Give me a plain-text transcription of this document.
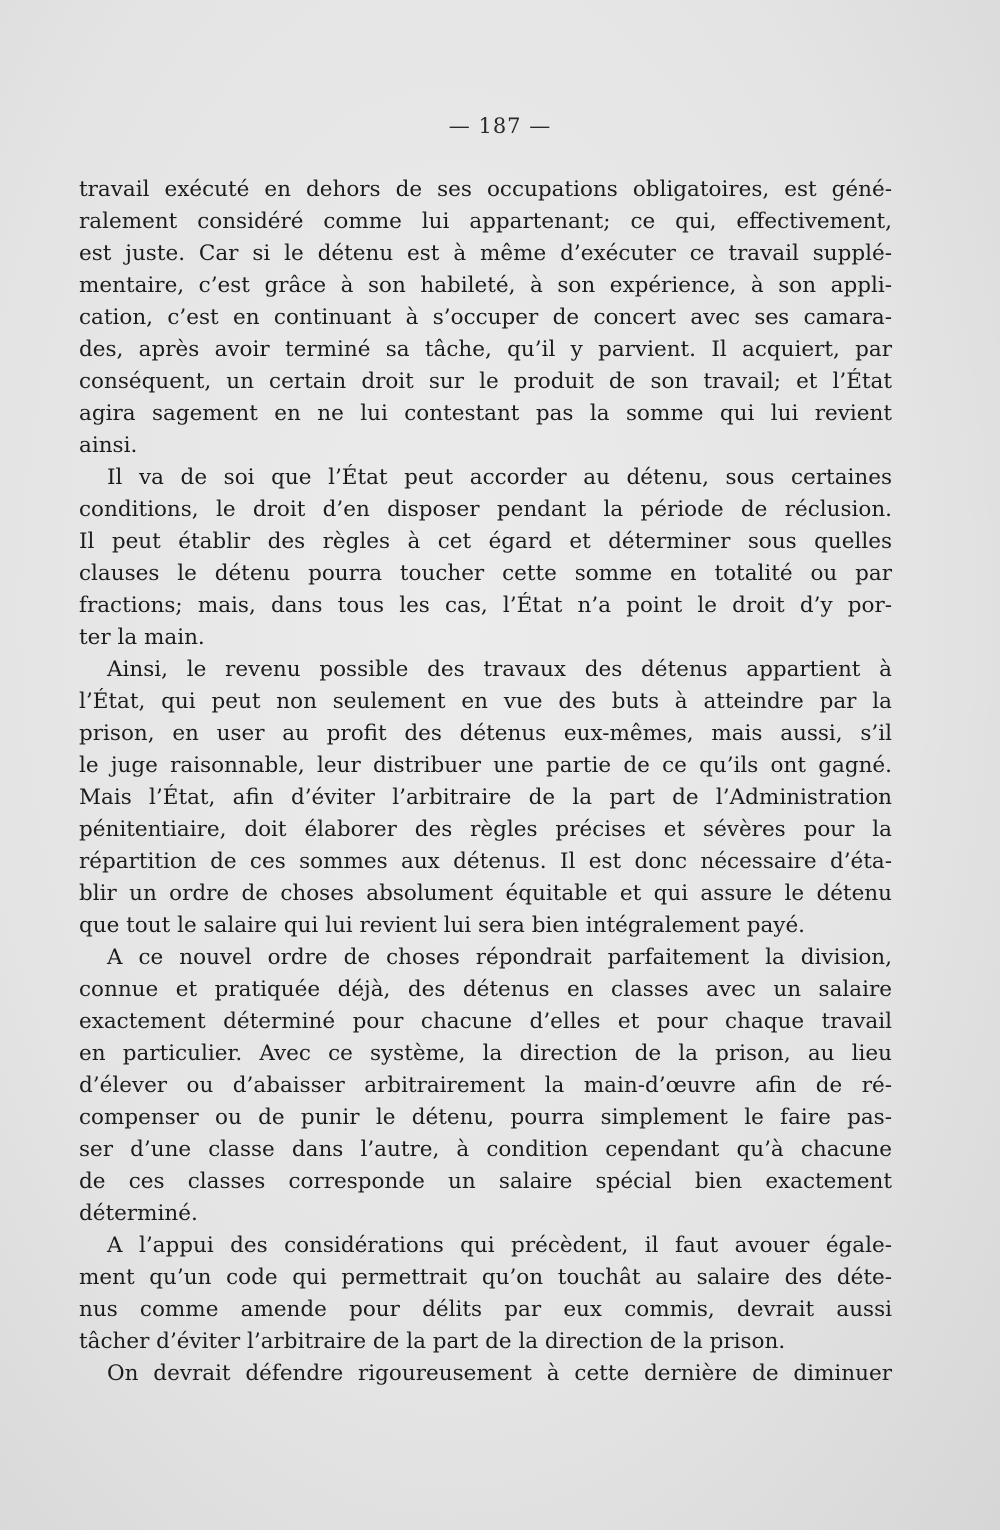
— 187 —
travail exécuté en dehors de ses occupations obligatoires, est géné-
ralement considéré comme lui appartenant; ce qui, effectivement,
est juste. Car si le détenu est à même d’exécuter ce travail supplé-
mentaire, c’est grâce à son habileté, à son expérience, à son appli-
cation, c’est en continuant à s’occuper de concert avec ses camara-
des, après avoir terminé sa tâche, qu’il y parvient. Il acquiert, par
conséquent, un certain droit sur le produit de son travail; et l’État
agira sagement en ne lui contestant pas la somme qui lui revient
ainsi.
Il va de soi que l’État peut accorder au détenu, sous certaines
conditions, le droit d’en disposer pendant la période de réclusion.
Il peut établir des règles à cet égard et déterminer sous quelles
clauses le détenu pourra toucher cette somme en totalité ou par
fractions; mais, dans tous les cas, l’État n’a point le droit d’y por-
ter la main.
Ainsi, le revenu possible des travaux des détenus appartient à
l’État, qui peut non seulement en vue des buts à atteindre par la
prison, en user au profit des détenus eux-mêmes, mais aussi, s’il
le juge raisonnable, leur distribuer une partie de ce qu’ils ont gagné.
Mais l’État, afin d’éviter l’arbitraire de la part de l’Administration
pénitentiaire, doit élaborer des règles précises et sévères pour la
répartition de ces sommes aux détenus. Il est donc nécessaire d’éta-
blir un ordre de choses absolument équitable et qui assure le détenu
que tout le salaire qui lui revient lui sera bien intégralement payé.
A ce nouvel ordre de choses répondrait parfaitement la division,
connue et pratiquée déjà, des détenus en classes avec un salaire
exactement déterminé pour chacune d’elles et pour chaque travail
en particulier. Avec ce système, la direction de la prison, au lieu
d’élever ou d’abaisser arbitrairement la main-d’œuvre afin de ré-
compenser ou de punir le détenu, pourra simplement le faire pas-
ser d’une classe dans l’autre, à condition cependant qu’à chacune
de ces classes corresponde un salaire spécial bien exactement
déterminé.
A l’appui des considérations qui précèdent, il faut avouer égale-
ment qu’un code qui permettrait qu’on touchât au salaire des déte-
nus comme amende pour délits par eux commis, devrait aussi
tâcher d’éviter l’arbitraire de la part de la direction de la prison.
On devrait défendre rigoureusement à cette dernière de diminuer
